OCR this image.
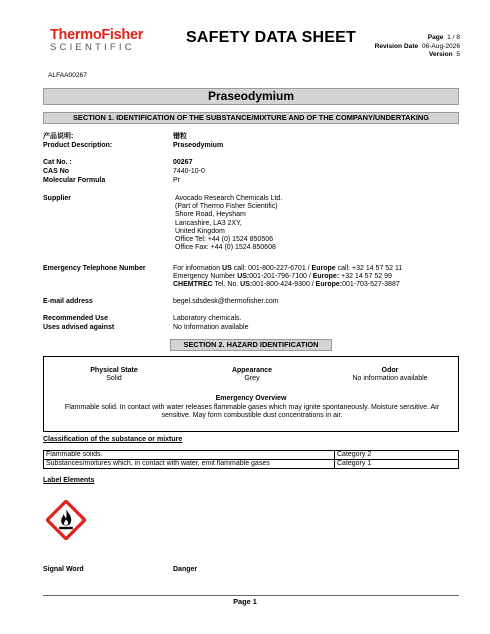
ThermoFisher
SCIENTIFIC
SAFETY DATA SHEET	Page 1 / 8
Revision Date 06-Aug-2026
Version 5
ALFAA00267
Praseodymium
SECTION 1. IDENTIFICATION OF THE SUBSTANCE/MIXTURE AND OF THE COMPANY/UNDERTAKING
产品说明:	镨粒
Product Description:	Praseodymium
Cat No. :	00267
CAS No	7440-10-0
Molecular Formula	Pr
Supplier	Avocado Research Chemicals Ltd.
(Part of Thermo Fisher Scientific)
Shore Road, Heysham
Lancashire, LA3 2XY,
United Kingdom
Office Tel: +44 (0) 1524 850506
Office Fax: +44 (0) 1524 850608
Emergency Telephone Number	For information US call: 001-800-227-6701 / Europe call: +32 14 57 52 11
Emergency Number US:001-201-796-7100 / Europe: +32 14 57 52 99
CHEMTREC Tel. No. US:001-800-424-9300 / Europe:001-703-527-3887
E-mail address	begel.sdsdesk@thermofisher.com
Recommended Use	Laboratory chemicals.
Uses advised against	No Information available
SECTION 2. HAZARD IDENTIFICATION
Physical State
Solid
Appearance
Grey
Odor
No information available
Emergency Overview
Flammable solid. In contact with water releases flammable gases which may ignite spontaneously. Moisture sensitive. Air sensitive. May form combustible dust concentrations in air.
Classification of the substance or mixture
Flammable solids.	Category 2
Substances/mixtures which, in contact with water, emit flammable gases	Category 1
Label Elements
Signal Word	Danger
Page 1
